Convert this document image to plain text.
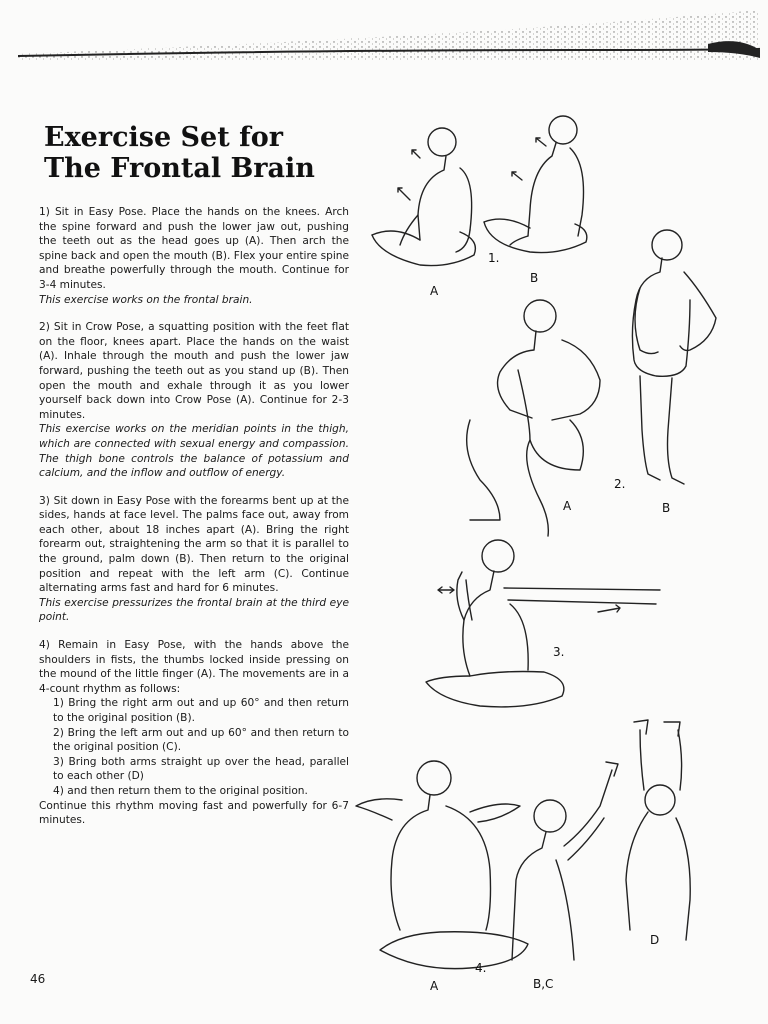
Exercise Set for
The Frontal Brain

1) Sit in Easy Pose. Place the hands on the knees. Arch the spine forward and push the lower jaw out, pushing the teeth out as the head goes up (A). Then arch the spine back and open the mouth (B). Flex your entire spine and breathe powerfully through the mouth. Continue for 3-4 minutes.
This exercise works on the frontal brain.

2) Sit in Crow Pose, a squatting position with the feet flat on the floor, knees apart. Place the hands on the waist (A). Inhale through the mouth and push the lower jaw forward, pushing the teeth out as you stand up (B). Then open the mouth and exhale through it as you lower yourself back down into Crow Pose (A). Continue for 2-3 minutes.
This exercise works on the meridian points in the thigh, which are connected with sexual energy and compassion. The thigh bone controls the balance of potassium and calcium, and the inflow and outflow of energy.

3) Sit down in Easy Pose with the forearms bent up at the sides, hands at face level. The palms face out, away from each other, about 18 inches apart (A). Bring the right forearm out, straightening the arm so that it is parallel to the ground, palm down (B). Then return to the original position and repeat with the left arm (C). Continue alternating arms fast and hard for 6 minutes.
This exercise pressurizes the frontal brain at the third eye point.

4) Remain in Easy Pose, with the hands above the shoulders in fists, the thumbs locked inside pressing on the mound of the little finger (A). The movements are in a 4-count rhythm as follows:
1) Bring the right arm out and up 60° and then return to the original position (B).
2) Bring the left arm out and up 60° and then return to the original position (C).
3) Bring both arms straight up over the head, parallel to each other (D)
4) and then return them to the original position.
Continue this rhythm moving fast and powerfully for 6-7 minutes.
1.
A
B
2.
A	B
3.
4.
A	B,C
D
46
